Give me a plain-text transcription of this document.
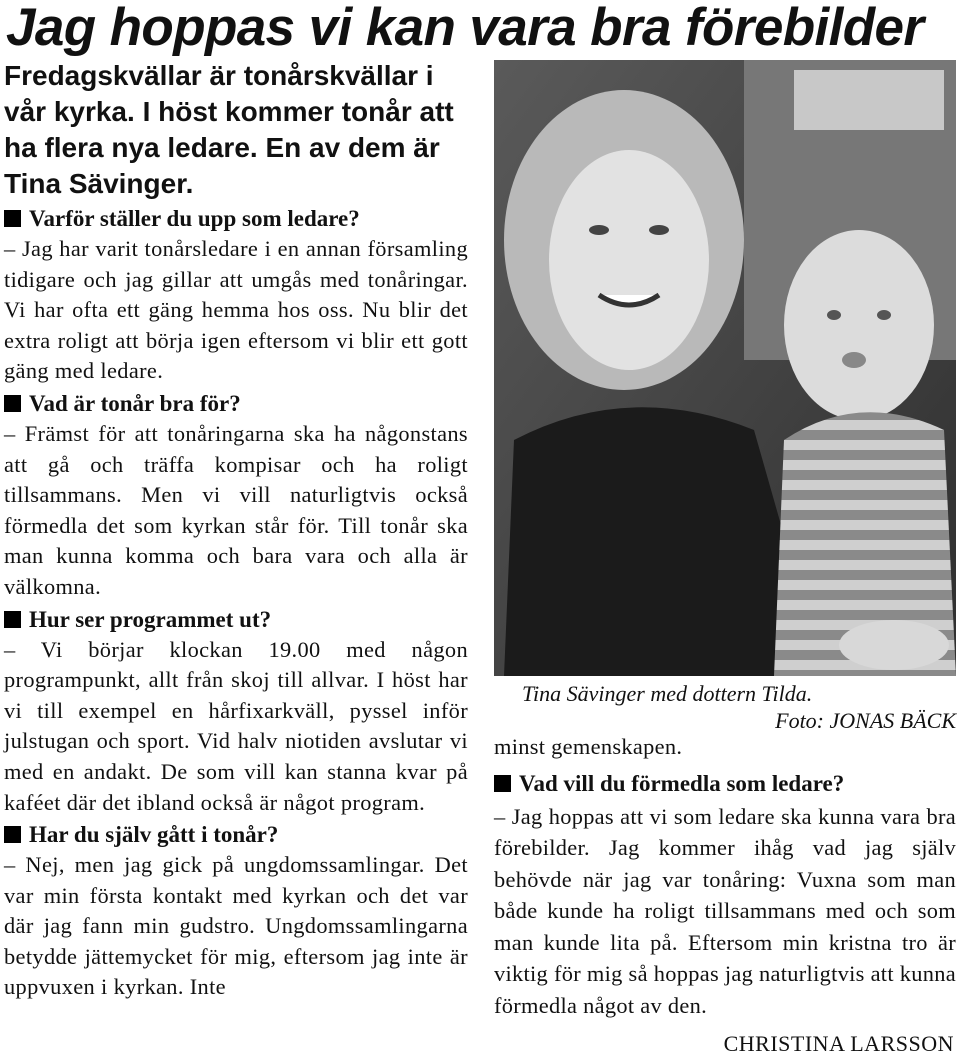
Jag hoppas vi kan vara bra förebilder

Fredagskvällar är tonårskvällar i vår kyrka. I höst kommer tonår att ha flera nya ledare. En av dem är Tina Sävinger.

Varför ställer du upp som ledare?

– Jag har varit tonårsledare i en annan församling tidigare och jag gillar att umgås med tonåringar. Vi har ofta ett gäng hemma hos oss. Nu blir det extra roligt att börja igen eftersom vi blir ett gott gäng med ledare.

Vad är tonår bra för?

– Främst för att tonåringarna ska ha någonstans att gå och träffa kompisar och ha roligt tillsammans. Men vi vill naturligtvis också förmedla det som kyrkan står för. Till tonår ska man kunna komma och bara vara och alla är välkomna.

Hur ser programmet ut?

– Vi börjar klockan 19.00 med någon programpunkt, allt från skoj till allvar. I höst har vi till exempel en hårfixarkväll, pyssel inför julstugan och sport. Vid halv niotiden avslutar vi med en andakt. De som vill kan stanna kvar på kaféet där det ibland också är något program.

Har du själv gått i tonår?

– Nej, men jag gick på ungdomssamlingar. Det var min första kontakt med kyrkan och det var där jag fann min gudstro. Ungdomssamlingarna betydde jättemycket för mig, eftersom jag inte är uppvuxen i kyrkan. Inte

Tina Sävinger med dottern Tilda.
Foto: JONAS BÄCK

minst gemenskapen.

Vad vill du förmedla som ledare?

– Jag hoppas att vi som ledare ska kunna vara bra förebilder. Jag kommer ihåg vad jag själv behövde när jag var tonåring: Vuxna som man både kunde ha roligt tillsammans med och som man kunde lita på. Eftersom min kristna tro är viktig för mig så hoppas jag naturligtvis att kunna förmedla något av den.

CHRISTINA LARSSON
